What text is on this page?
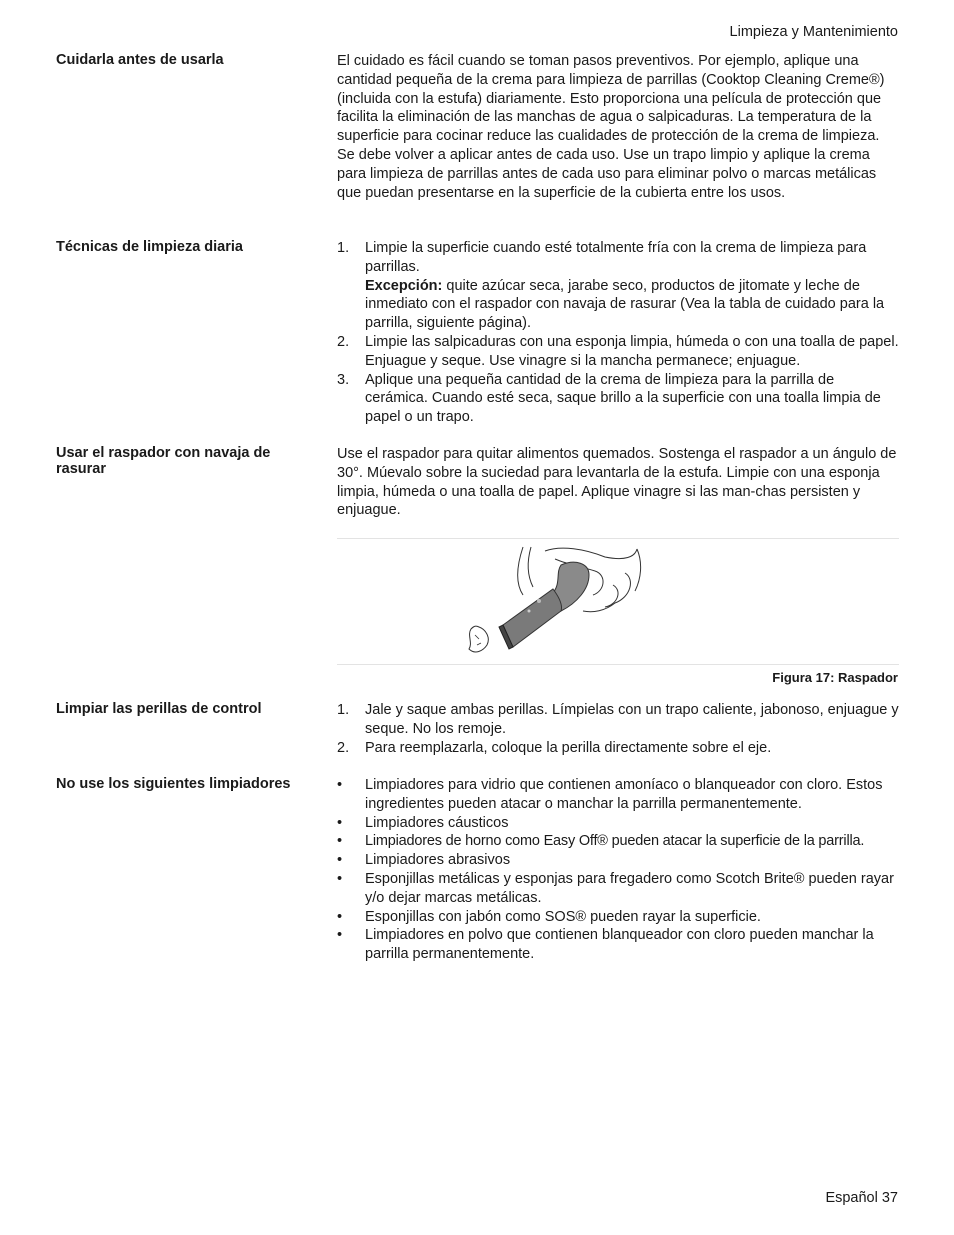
Limpieza y Mantenimiento
Cuidarla antes de usarla	El cuidado es fácil cuando se toman pasos preventivos. Por ejemplo, aplique una cantidad pequeña de la crema para limpieza de parrillas (Cooktop Cleaning Creme®) (incluida con la estufa) diariamente. Esto proporciona una película de protección que facilita la eliminación de las manchas de agua o salpicaduras. La temperatura de la superficie para cocinar reduce las cualidades de protección de la crema de limpieza. Se debe volver a aplicar antes de cada uso. Use un trapo limpio y aplique la crema para limpieza de parrillas antes de cada uso para eliminar polvo o marcas metálicas que puedan presentarse en la superficie de la cubierta entre los usos.

Técnicas de limpieza diaria	1. Limpie la superficie cuando esté totalmente fría con la crema de limpieza para parrillas.
Excepción: quite azúcar seca, jarabe seco, productos de jitomate y leche de inmediato con el raspador con navaja de rasurar (Vea la tabla de cuidado para la parrilla, siguiente página).
2. Limpie las salpicaduras con una esponja limpia, húmeda o con una toalla de papel. Enjuague y seque. Use vinagre si la mancha permanece; enjuague.
3. Aplique una pequeña cantidad de la crema de limpieza para la parrilla de cerámica. Cuando esté seca, saque brillo a la superficie con una toalla limpia de papel o un trapo.
Usar el raspador con navaja de rasurar

Use el raspador para quitar alimentos quemados. Sostenga el raspador a un ángulo de 30°. Múevalo sobre la suciedad para levantarla de la estufa. Limpie con una esponja limpia, húmeda o una toalla de papel. Aplique vinagre si las man-chas persisten y enjuague.

Figura 17: Raspador
Limpiar las perillas de control	1. Jale y saque ambas perillas. Límpielas con un trapo caliente, jabonoso, enjuague y seque. No los remoje.
2. Para reemplazarla, coloque la perilla directamente sobre el eje.
No use los siguientes limpiadores	• Limpiadores para vidrio que contienen amoníaco o blanqueador con cloro. Estos ingredientes pueden atacar o manchar la parrilla permanentemente.
• Limpiadores cáusticos
• Limpiadores de horno como Easy Off® pueden atacar la superficie de la parrilla.
• Limpiadores abrasivos
• Esponjillas metálicas y esponjas para fregadero como Scotch Brite® pueden rayar y/o dejar marcas metálicas.
• Esponjillas con jabón como SOS® pueden rayar la superficie.
• Limpiadores en polvo que contienen blanqueador con cloro pueden manchar la parrilla permanentemente.
Español 37
